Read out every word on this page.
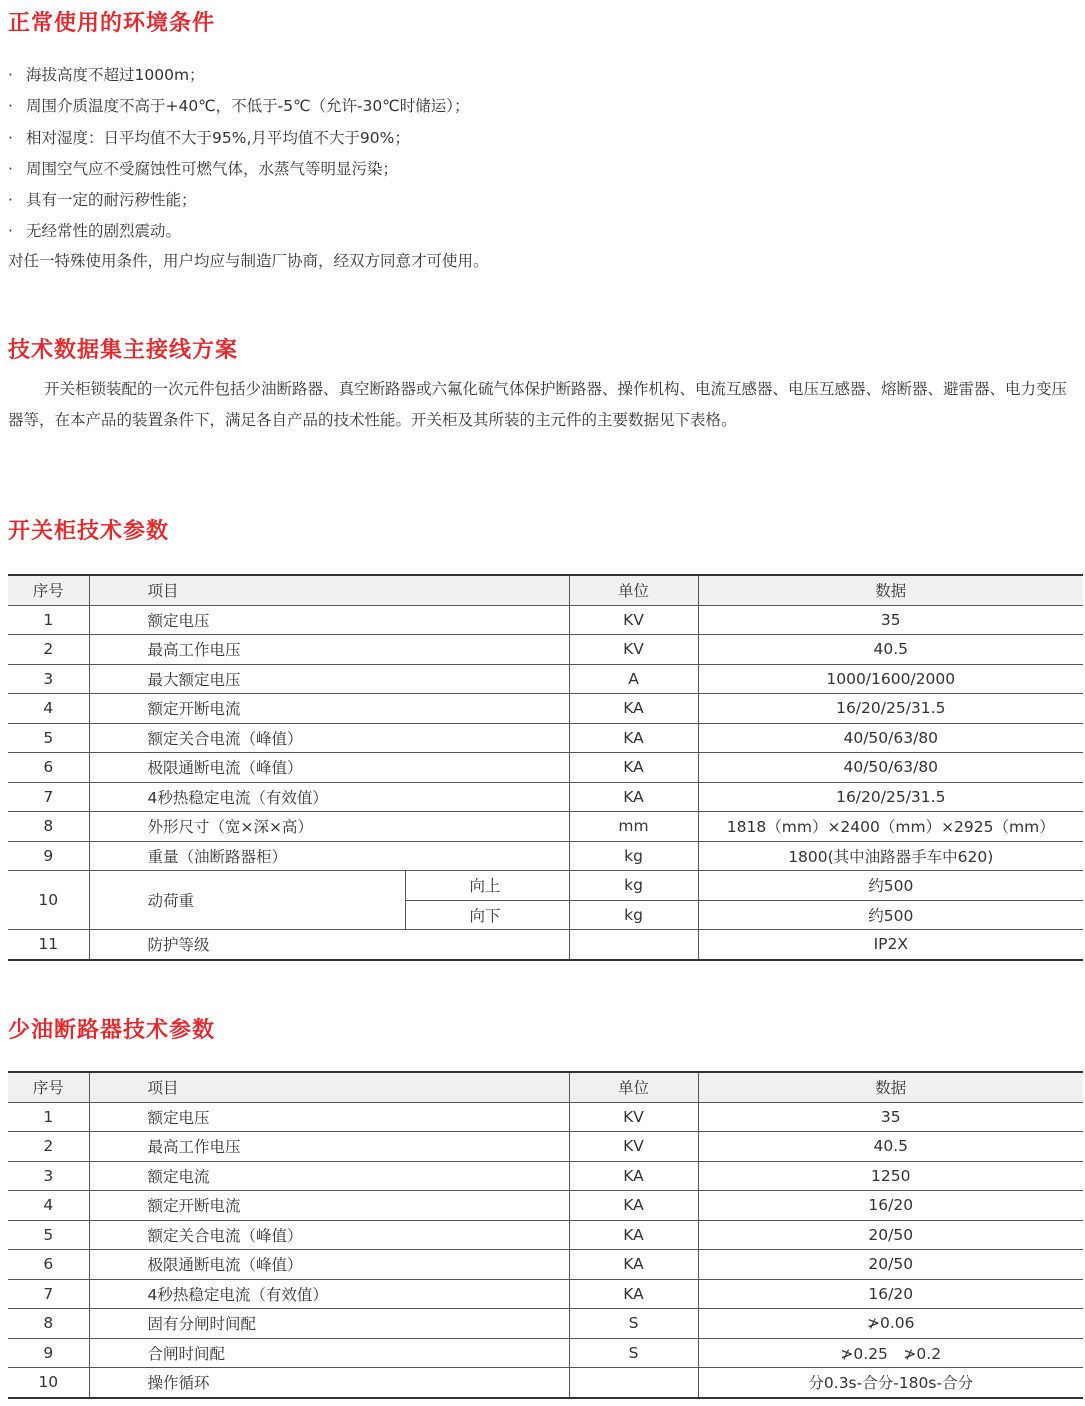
正常使用的环境条件
· 海拔高度不超过1000m；
· 周围介质温度不高于+40℃，不低于-5℃（允许-30℃时储运）；
· 相对湿度：日平均值不大于95%,月平均值不大于90%；
· 周围空气应不受腐蚀性可燃气体，水蒸气等明显污染；
· 具有一定的耐污秽性能；
· 无经常性的剧烈震动。

对任一特殊使用条件，用户均应与制造厂协商，经双方同意才可使用。

技术数据集主接线方案

开关柜锁装配的一次元件包括少油断路器、真空断路器或六氟化硫气体保护断路器、操作机构、电流互感器、电压互感器、熔断器、避雷器、电力变压器等，在本产品的装置条件下，满足各自产品的技术性能。开关柜及其所装的主元件的主要数据见下表格。

开关柜技术参数
序号	项目		单位	数据
1	额定电压		KV	35
2	最高工作电压		KV	40.5
3	最大额定电压		A	1000/1600/2000
4	额定开断电流		KA	16/20/25/31.5
5	额定关合电流（峰值）		KA	40/50/63/80
6	极限通断电流（峰值）		KA	40/50/63/80
7	4秒热稳定电流（有效值）		KA	16/20/25/31.5
8	外形尺寸（宽×深×高）		mm	1818（mm）×2400（mm）×2925（mm）
9	重量（油断路器柜）		kg	1800(其中油路器手车中620)
10	动荷重	向上	kg	约500
		向下	kg	约500
11	防护等级			IP2X
少油断路器技术参数
序号	项目	单位	数据
1	额定电压	KV	35
2	最高工作电压	KV	40.5
3	额定电流	KA	1250
4	额定开断电流	KA	16/20
5	额定关合电流（峰值）	KA	20/50
6	极限通断电流（峰值）	KA	20/50
7	4秒热稳定电流（有效值）	KA	16/20
8	固有分闸时间配	S	≯0.06
9	合闸时间配	S	≯0.25　≯0.2
10	操作循环		分0.3s-合分-180s-合分
